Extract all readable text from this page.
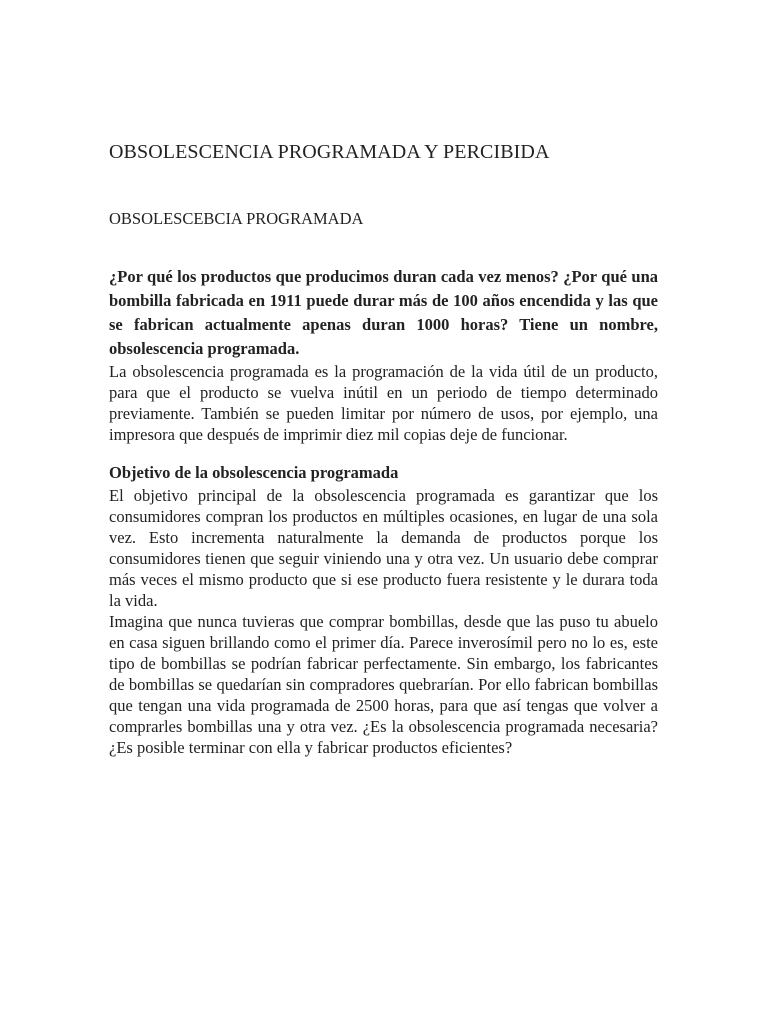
OBSOLESCENCIA PROGRAMADA Y PERCIBIDA
OBSOLESCEBCIA PROGRAMADA

¿Por qué los productos que producimos duran cada vez menos? ¿Por qué una bombilla fabricada en 1911 puede durar más de 100 años encendida y las que se fabrican actualmente apenas duran 1000 horas? Tiene un nombre, obsolescencia programada.

La obsolescencia programada es la programación de la vida útil de un producto, para que el producto se vuelva inútil en un periodo de tiempo determinado previamente. También se pueden limitar por número de usos, por ejemplo, una impresora que después de imprimir diez mil copias deje de funcionar.

Objetivo de la obsolescencia programada

El objetivo principal de la obsolescencia programada es garantizar que los consumidores compran los productos en múltiples ocasiones, en lugar de una sola vez. Esto incrementa naturalmente la demanda de productos porque los consumidores tienen que seguir viniendo una y otra vez. Un usuario debe comprar más veces el mismo producto que si ese producto fuera resistente y le durara toda la vida.

Imagina que nunca tuvieras que comprar bombillas, desde que las puso tu abuelo en casa siguen brillando como el primer día. Parece inverosímil pero no lo es, este tipo de bombillas se podrían fabricar perfectamente. Sin embargo, los fabricantes de bombillas se quedarían sin compradores quebrarían. Por ello fabrican bombillas que tengan una vida programada de 2500 horas, para que así tengas que volver a comprarles bombillas una y otra vez. ¿Es la obsolescencia programada necesaria? ¿Es posible terminar con ella y fabricar productos eficientes?
